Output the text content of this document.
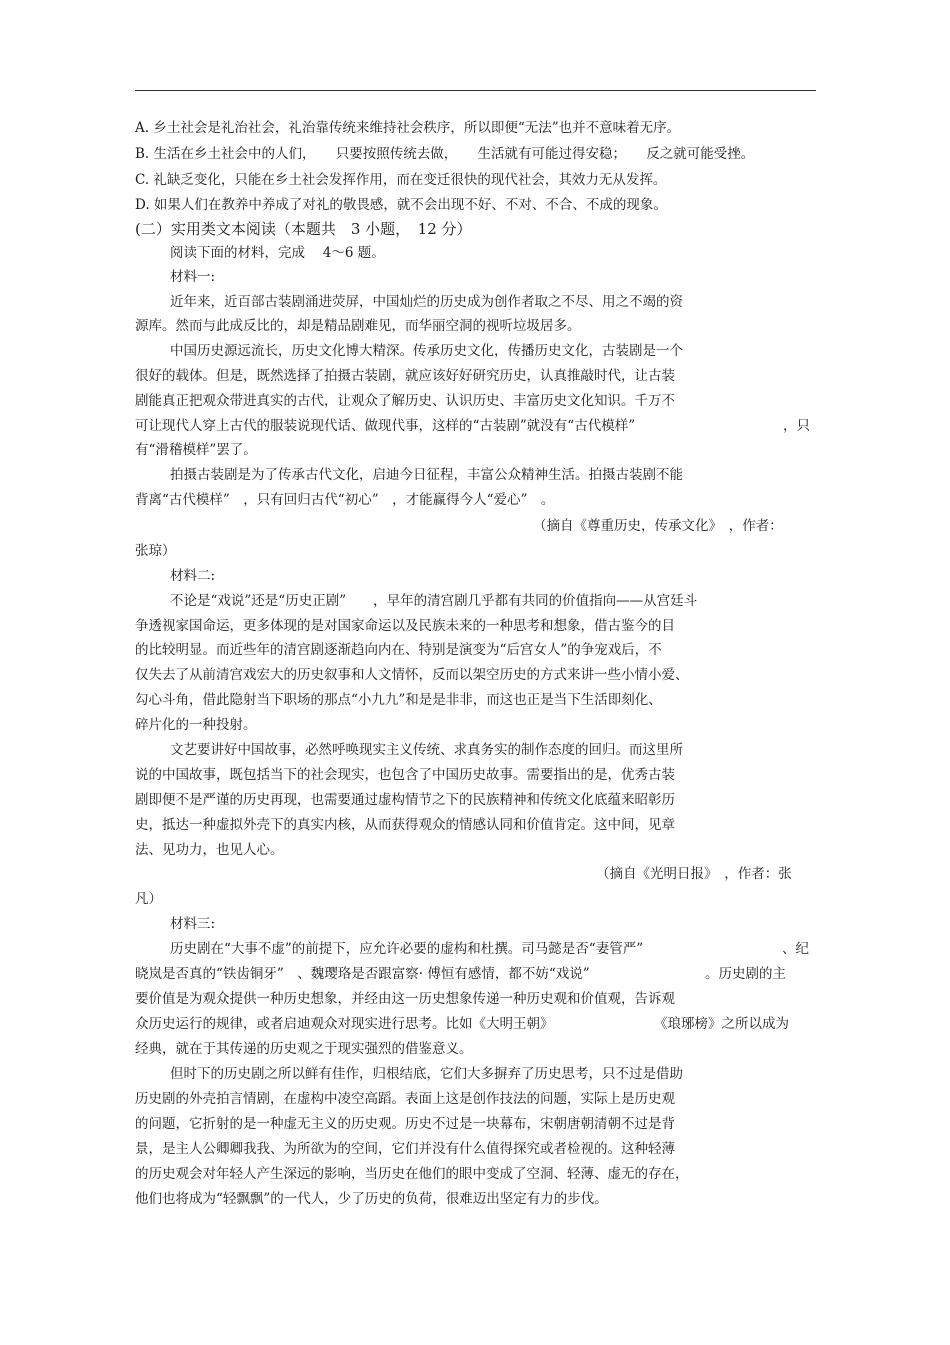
A. 乡土社会是礼治社会，礼治靠传统来维持社会秩序，所以即便“无法”也并不意味着无序。
B. 生活在乡土社会中的人们，　　只要按照传统去做，　　生活就有可能过得安稳；　　反之就可能受挫。
C. 礼缺乏变化，只能在乡土社会发挥作用，而在变迁很快的现代社会，其效力无从发挥。
D. 如果人们在教养中养成了对礼的敬畏感，就不会出现不好、不对、不合、不成的现象。
(二）实用类文本阅读（本题共　3 小题，　12 分）
阅读下面的材料，完成　 4～6 题。
材料一:
近年来，近百部古装剧涌进荧屏，中国灿烂的历史成为创作者取之不尽、用之不竭的资
源库。然而与此成反比的，却是精品剧难见，而华丽空洞的视听垃圾居多。
中国历史源远流长，历史文化博大精深。传承历史文化，传播历史文化，古装剧是一个
很好的载体。但是，既然选择了拍摄古装剧，就应该好好研究历史，认真推敲时代，让古装
剧能真正把观众带进真实的古代，让观众了解历史、认识历史、丰富历史文化知识。千万不
可让现代人穿上古代的服装说现代话、做现代事，这样的“古装剧”就没有“古代模样”	，只
有“滑稽模样”罢了。
拍摄古装剧是为了传承古代文化，启迪今日征程，丰富公众精神生活。拍摄古装剧不能
背离“古代模样”　，只有回归古代“初心”　，才能赢得今人“爱心”　。
（摘自《尊重历史，传承文化》　，作者：
张琼）
材料二:
不论是“戏说”还是“历史正剧”　　，早年的清宫剧几乎都有共同的价值指向——从宫廷斗
争透视家国命运，更多体现的是对国家命运以及民族未来的一种思考和想象，借古鉴今的目
的比较明显。而近些年的清宫剧逐渐趋向内在、特别是演变为“后宫女人”的争宠戏后，不
仅失去了从前清宫戏宏大的历史叙事和人文情怀，反而以架空历史的方式来讲一些小情小爱、
勾心斗角，借此隐射当下职场的那点“小九九”和是是非非，而这也正是当下生活即刻化、
碎片化的一种投射。
文艺要讲好中国故事，必然呼唤现实主义传统、求真务实的制作态度的回归。而这里所
说的中国故事，既包括当下的社会现实，也包含了中国历史故事。需要指出的是，优秀古装
剧即便不是严谨的历史再现，也需要通过虚构情节之下的民族精神和传统文化底蕴来昭彰历
史，抵达一种虚拟外壳下的真实内核，从而获得观众的情感认同和价值肯定。这中间，见章
法、见功力，也见人心。
（摘自《光明日报》　，作者：张
凡）
材料三:
历史剧在“大事不虚”的前提下，应允许必要的虚构和杜撰。司马懿是否“妻管严”	、纪
晓岚是否真的“铁齿铜牙”　、魏璎珞是否跟富察· 傅恒有感情，都不妨“戏说”	。历史剧的主
要价值是为观众提供一种历史想象，并经由这一历史想象传递一种历史观和价值观，告诉观
众历史运行的规律，或者启迪观众对现实进行思考。比如《大明王朝》	《琅琊榜》之所以成为
经典，就在于其传递的历史观之于现实强烈的借鉴意义。
但时下的历史剧之所以鲜有佳作，归根结底，它们大多摒弃了历史思考，只不过是借助
历史剧的外壳拍言情剧，在虚构中凌空高蹈。表面上这是创作技法的问题，实际上是历史观
的问题，它折射的是一种虚无主义的历史观。历史不过是一块幕布，宋朝唐朝清朝不过是背
景，是主人公卿卿我我、为所欲为的空间，它们并没有什么值得探究或者检视的。这种轻薄
的历史观会对年轻人产生深远的影响，当历史在他们的眼中变成了空洞、轻薄、虚无的存在，
他们也将成为“轻飘飘”的一代人，少了历史的负荷，很难迈出坚定有力的步伐。
